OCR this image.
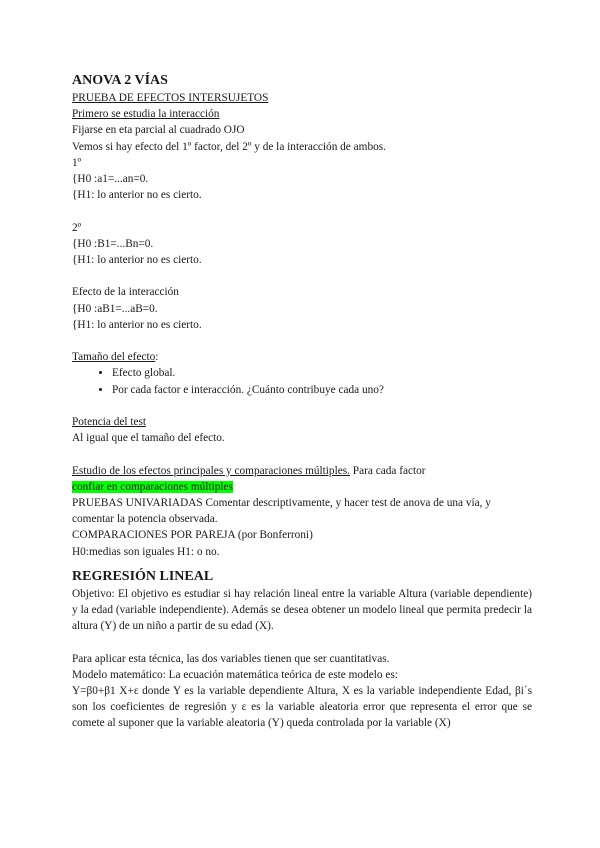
ANOVA 2 VÍAS

PRUEBA DE EFECTOS INTERSUJETOS

Primero se estudia la interacción

Fijarse en eta parcial al cuadrado OJO

Vemos si hay efecto del 1º factor, del 2º y de la interacción de ambos.

1º

{H0 :a1=...an=0.

{H1: lo anterior no es cierto.

2º

{H0 :B1=...Bn=0.

{H1: lo anterior no es cierto.

Efecto de la interacción

{H0 :aB1=...aB=0.

{H1: lo anterior no es cierto.

Tamaño del efecto:

• Efecto global.
• Por cada factor e interacción. ¿Cuánto contribuye cada uno?

Potencia del test

Al igual que el tamaño del efecto.

Estudio de los efectos principales y comparaciones múltiples. Para cada factor

confiar en comparaciones múltiples

PRUEBAS UNIVARIADAS Comentar descriptivamente, y hacer test de anova de una vía, y comentar la potencia observada.

COMPARACIONES POR PAREJA (por Bonferroni)

H0:medias son iguales H1: o no.

REGRESIÓN LINEAL

Objetivo: El objetivo es estudiar si hay relación lineal entre la variable Altura (variable dependiente) y la edad (variable independiente). Además se desea obtener un modelo lineal que permita predecir la altura (Y) de un niño a partir de su edad (X).

Para aplicar esta técnica, las dos variables tienen que ser cuantitativas.

Modelo matemático: La ecuación matemática teórica de este modelo es:

Y=β0+β1 X+ε donde Y es la variable dependiente Altura, X es la variable independiente Edad, βi´s son los coeficientes de regresión y ε es la variable aleatoria error que representa el error que se comete al suponer que la variable aleatoria (Y) queda controlada por la variable (X)
